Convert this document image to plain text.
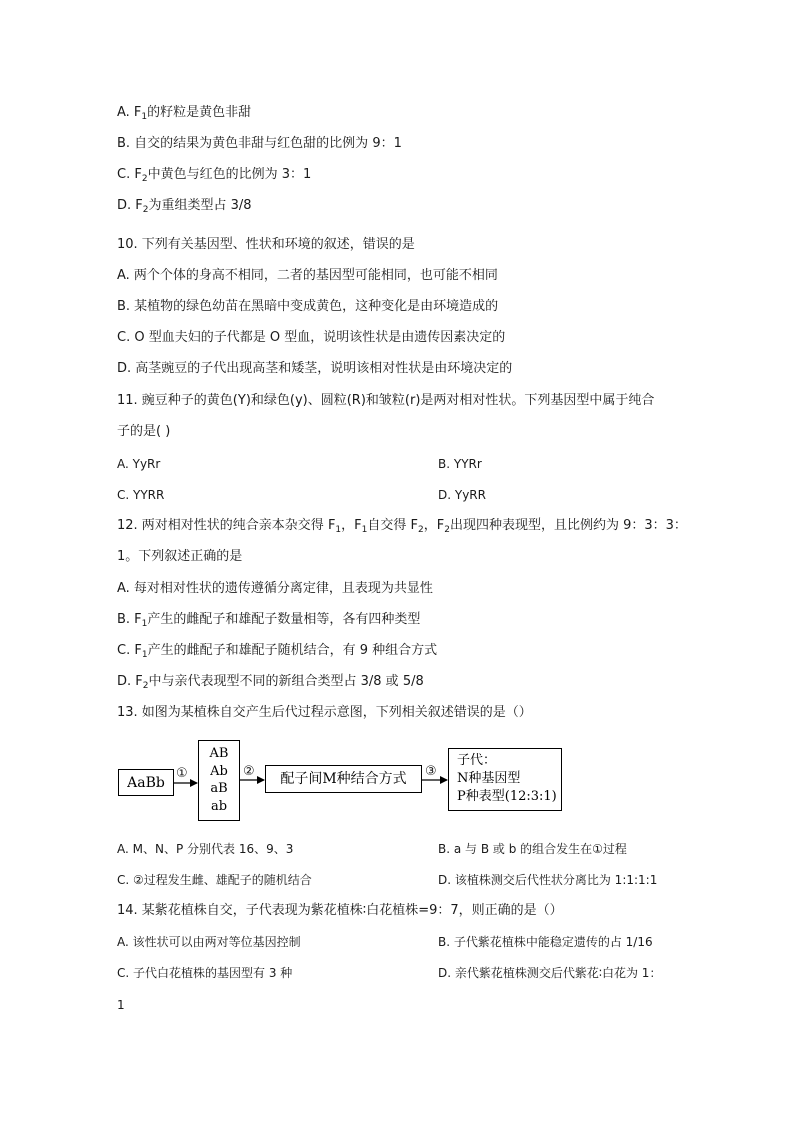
A. $F_1$的籽粒是黄色非甜
B. 自交的结果为黄色非甜与红色甜的比例为 9：1
C. $F_2$中黄色与红色的比例为 3：1
D. $F_2$为重组类型占 3/8
10. 下列有关基因型、性状和环境的叙述，错误的是
A. 两个个体的身高不相同，二者的基因型可能相同，也可能不相同
B. 某植物的绿色幼苗在黑暗中变成黄色，这种变化是由环境造成的
C. O 型血夫妇的子代都是 O 型血，说明该性状是由遗传因素决定的
D. 高茎豌豆的子代出现高茎和矮茎，说明该相对性状是由环境决定的
11. 豌豆种子的黄色(Y)和绿色(y)、圆粒(R)和皱粒(r)是两对相对性状。下列基因型中属于纯合
子的是( )
A. YyRr	B. YYRr
C. YYRR	D. YyRR
12. 两对相对性状的纯合亲本杂交得 $F_1$，$F_1$自交得 $F_2$，$F_2$出现四种表现型，且比例约为 9：3：3：
1。下列叙述正确的是
A. 每对相对性状的遗传遵循分离定律，且表现为共显性
B. $F_1$产生的雌配子和雄配子数量相等，各有四种类型
C. $F_1$产生的雌配子和雄配子随机结合，有 9 种组合方式
D. $F_2$中与亲代表现型不同的新组合类型占 3/8 或 5/8
13. 如图为某植株自交产生后代过程示意图，下列相关叙述错误的是（）
①	②	③
AaBb
AB
Ab
aB
ab
配子间M种结合方式
子代：
N种基因型
P种表型(12:3:1)
A. M、N、P 分别代表 16、9、3	B. a 与 B 或 b 的组合发生在①过程
C. ②过程发生雌、雄配子的随机结合	D. 该植株测交后代性状分离比为 1:1:1:1
14. 某紫花植株自交，子代表现为紫花植株∶白花植株=9：7，则正确的是（）
A. 该性状可以由两对等位基因控制	B. 子代紫花植株中能稳定遗传的占 1/16
C. 子代白花植株的基因型有 3 种	D. 亲代紫花植株测交后代紫花∶白花为 1：
1
